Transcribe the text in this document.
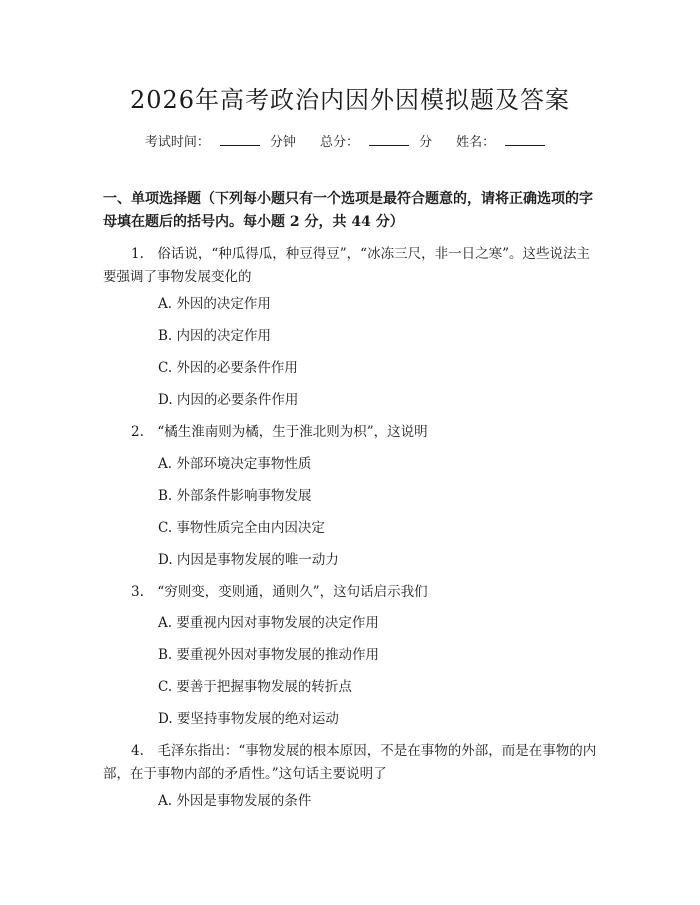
2026年高考政治内因外因模拟题及答案
考试时间：	分钟 总分：	分 姓名：
一、单项选择题（下列每小题只有一个选项是最符合题意的，请将正确选项的字母填在题后的括号内。每小题 2 分，共 44 分）
1.　俗话说，“种瓜得瓜，种豆得豆”，“冰冻三尺，非一日之寒”。这些说法主要强调了事物发展变化的
A. 外因的决定作用
B. 内因的决定作用
C. 外因的必要条件作用
D. 内因的必要条件作用
2.　“橘生淮南则为橘，生于淮北则为枳”，这说明
A. 外部环境决定事物性质
B. 外部条件影响事物发展
C. 事物性质完全由内因决定
D. 内因是事物发展的唯一动力
3.　“穷则变，变则通，通则久”，这句话启示我们
A. 要重视内因对事物发展的决定作用
B. 要重视外因对事物发展的推动作用
C. 要善于把握事物发展的转折点
D. 要坚持事物发展的绝对运动
4.　毛泽东指出：“事物发展的根本原因，不是在事物的外部，而是在事物的内部，在于事物内部的矛盾性。”这句话主要说明了
A. 外因是事物发展的条件
